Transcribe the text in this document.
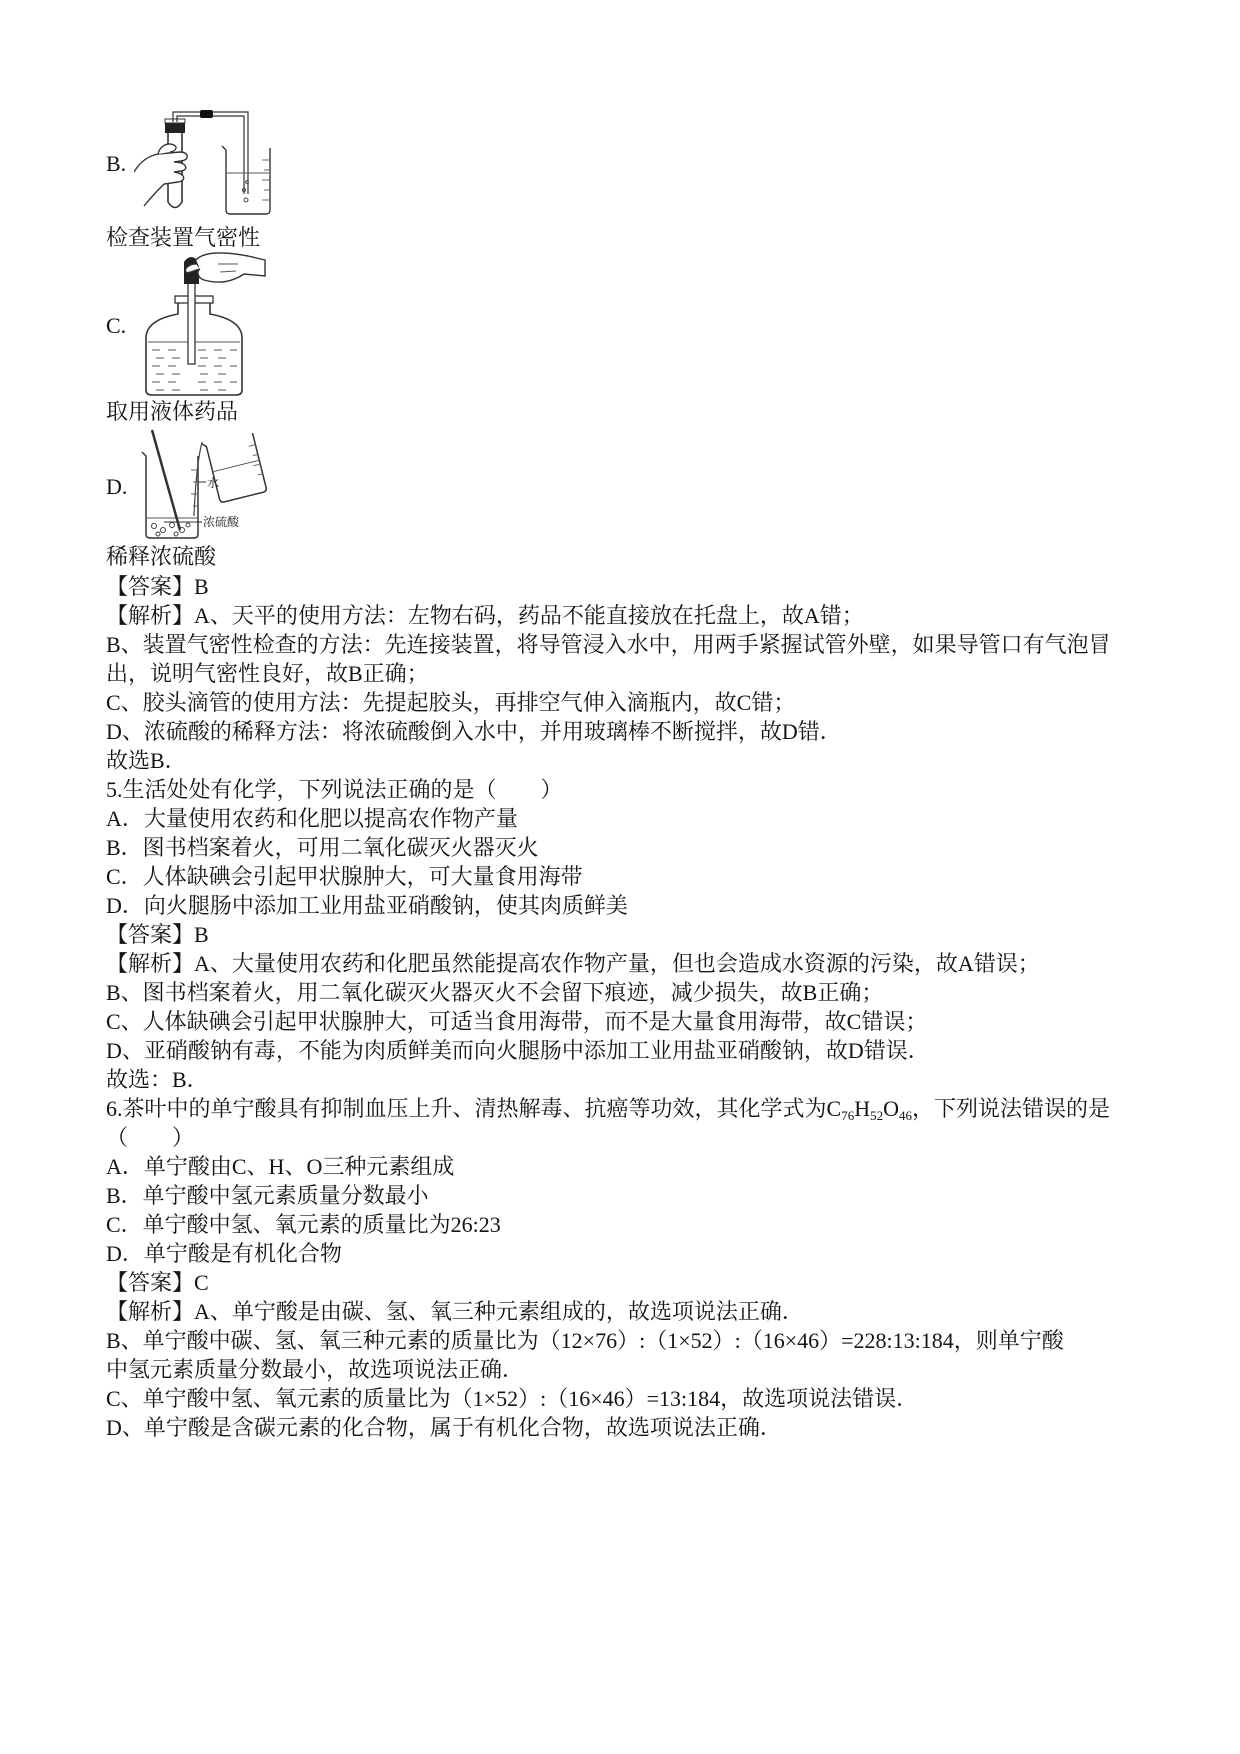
B.
检查装置气密性
C.
取用液体药品
D.	水
浓硫酸
稀释浓硫酸
【答案】B
【解析】A、天平的使用方法：左物右码，药品不能直接放在托盘上，故A错；
B、装置气密性检查的方法：先连接装置，将导管浸入水中，用两手紧握试管外壁，如果导管口有气泡冒
出，说明气密性良好，故B正确；
C、胶头滴管的使用方法：先提起胶头，再排空气伸入滴瓶内，故C错；
D、浓硫酸的稀释方法：将浓硫酸倒入水中，并用玻璃棒不断搅拌，故D错．
故选B．
5.生活处处有化学，下列说法正确的是（　　）
A．大量使用农药和化肥以提高农作物产量
B．图书档案着火，可用二氧化碳灭火器灭火
C．人体缺碘会引起甲状腺肿大，可大量食用海带
D．向火腿肠中添加工业用盐亚硝酸钠，使其肉质鲜美
【答案】B
【解析】A、大量使用农药和化肥虽然能提高农作物产量，但也会造成水资源的污染，故A错误；
B、图书档案着火，用二氧化碳灭火器灭火不会留下痕迹，减少损失，故B正确；
C、人体缺碘会引起甲状腺肿大，可适当食用海带，而不是大量食用海带，故C错误；
D、亚硝酸钠有毒，不能为肉质鲜美而向火腿肠中添加工业用盐亚硝酸钠，故D错误．
故选：B．
6.茶叶中的单宁酸具有抑制血压上升、清热解毒、抗癌等功效，其化学式为$C_{76}H_{52}O_{46}$，下列说法错误的是
（　　）
A．单宁酸由C、H、O三种元素组成
B．单宁酸中氢元素质量分数最小
C．单宁酸中氢、氧元素的质量比为26:23
D．单宁酸是有机化合物
【答案】C
【解析】A、单宁酸是由碳、氢、氧三种元素组成的，故选项说法正确．
B、单宁酸中碳、氢、氧三种元素的质量比为（12×76）:（1×52）:（16×46）=228:13:184，则单宁酸
中氢元素质量分数最小，故选项说法正确．
C、单宁酸中氢、氧元素的质量比为（1×52）:（16×46）=13:184，故选项说法错误．
D、单宁酸是含碳元素的化合物，属于有机化合物，故选项说法正确．
